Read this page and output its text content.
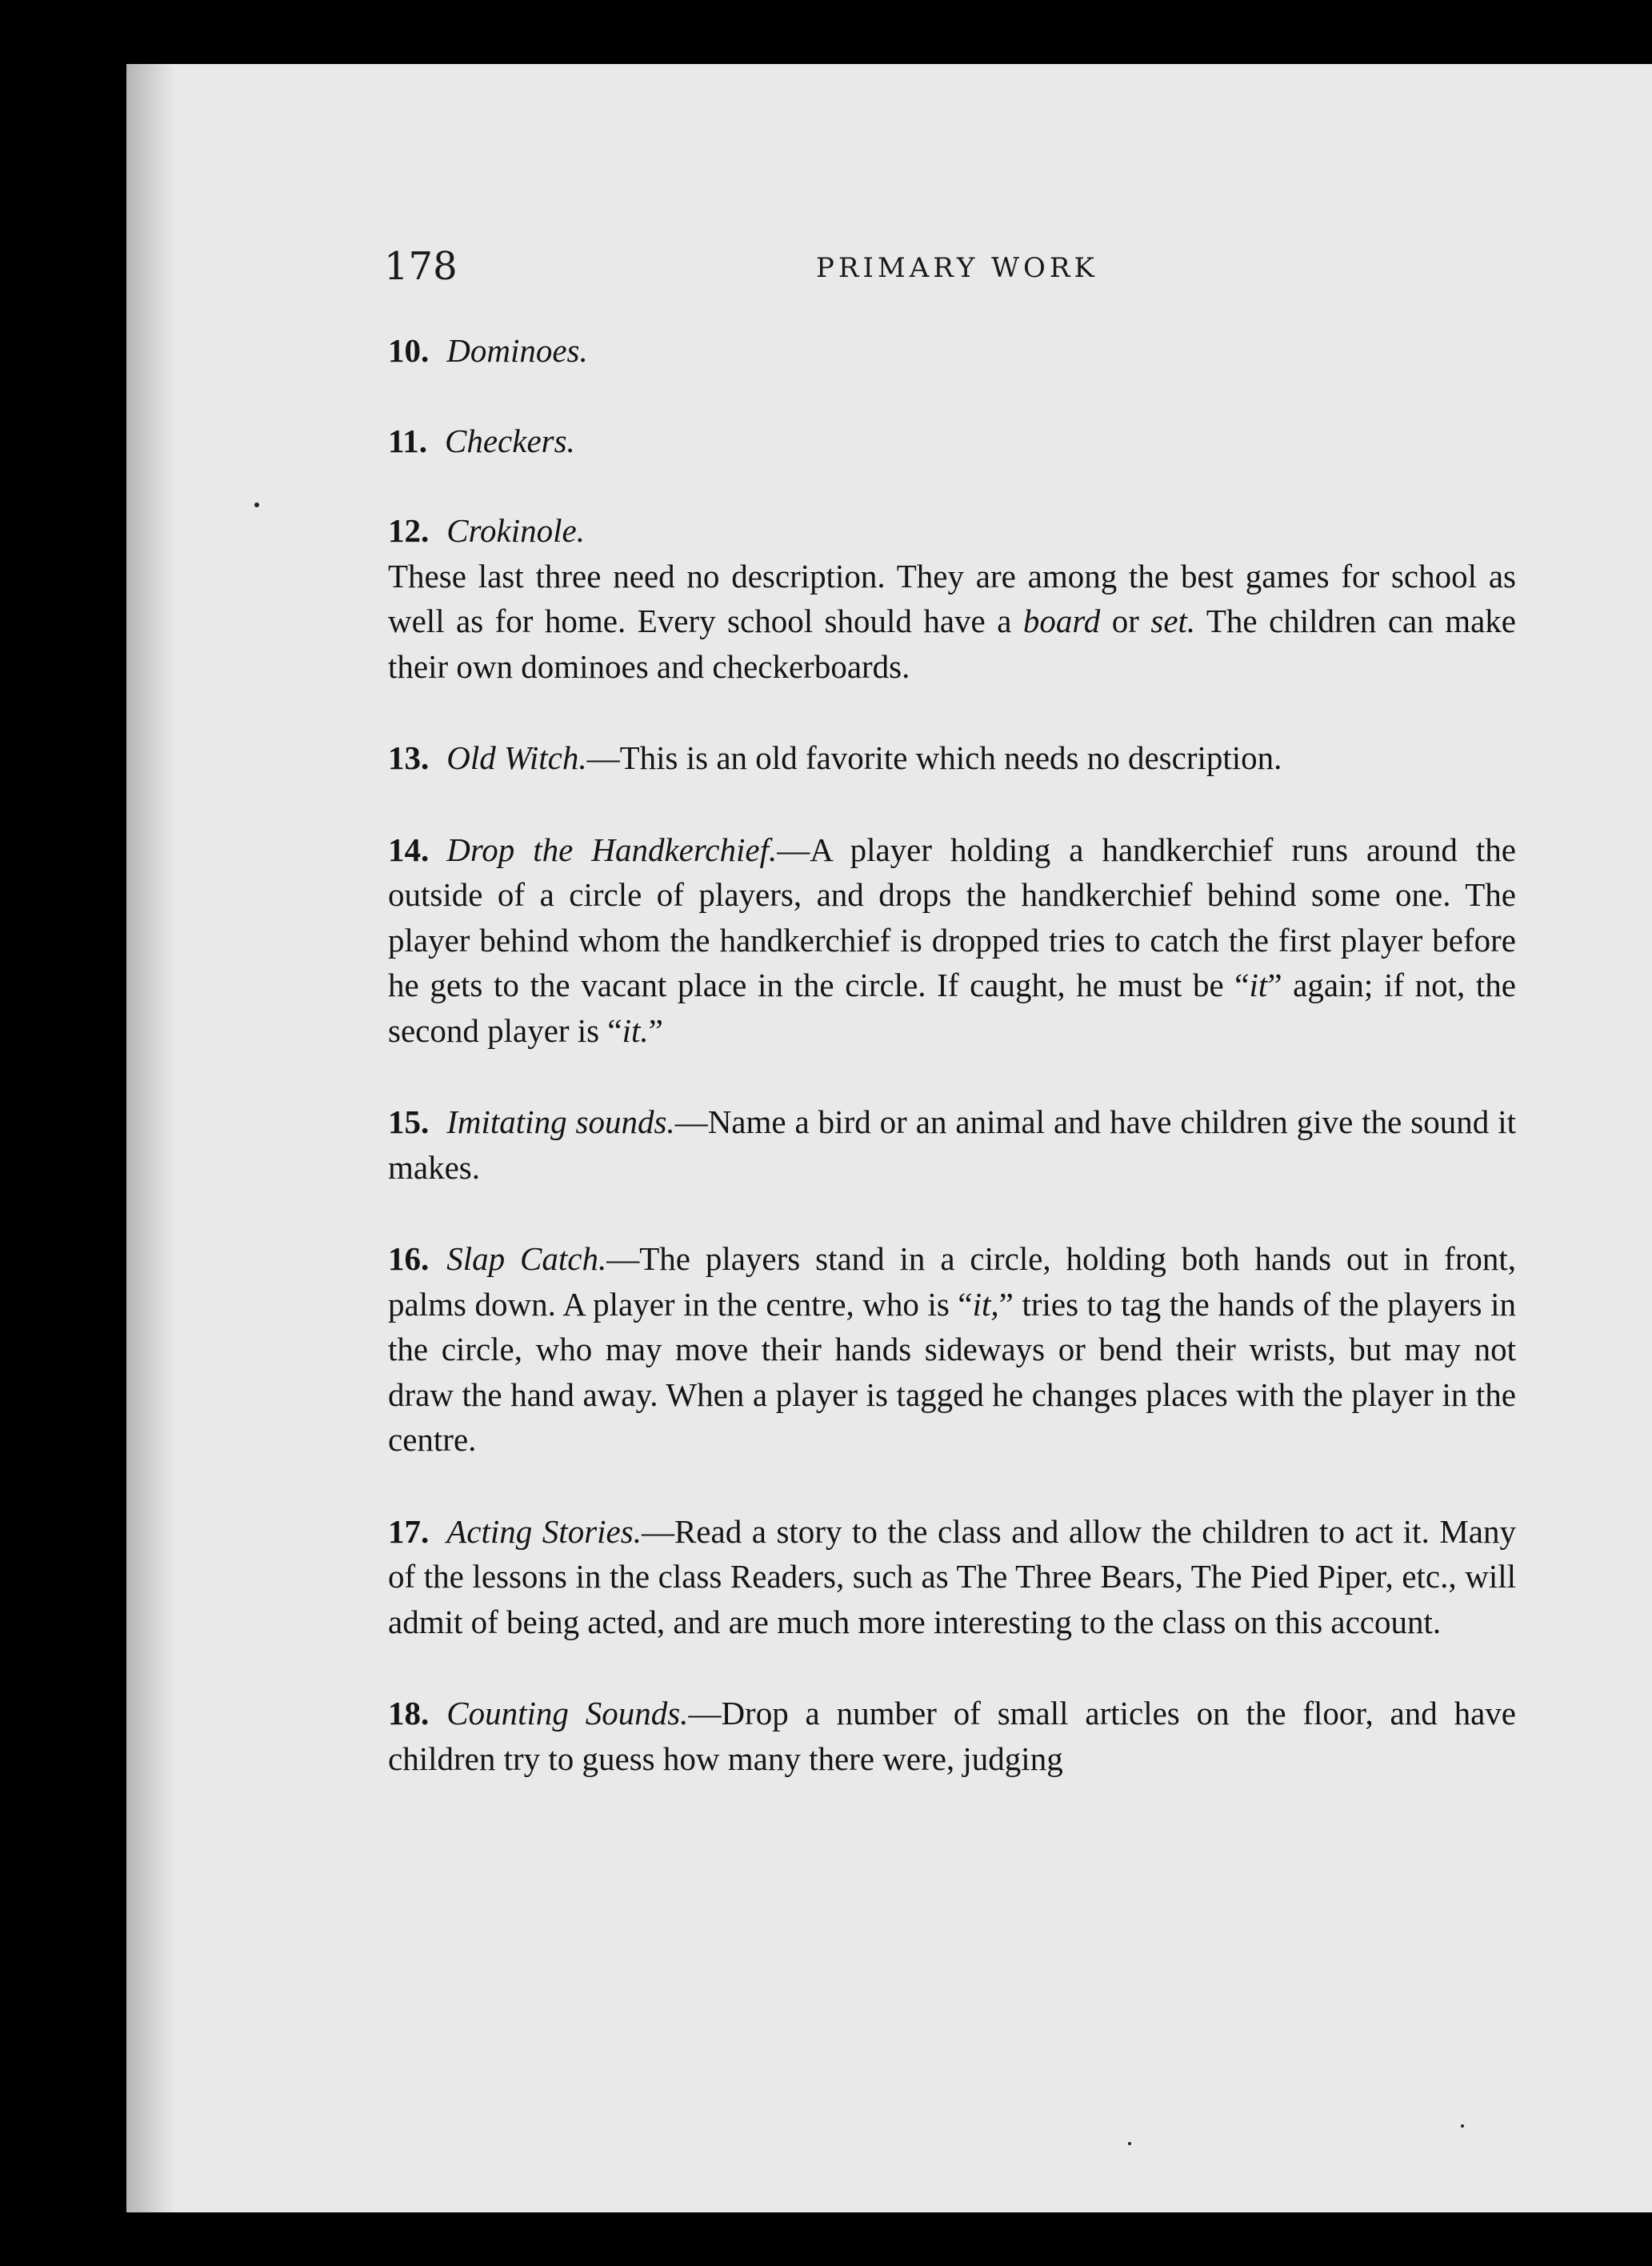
178	PRIMARY WORK

10. Dominoes.

11. Checkers.

12. Crokinole.

These last three need no description. They are among the best games for school as well as for home. Every school should have a board or set. The children can make their own dominoes and checkerboards.

13. Old Witch.—This is an old favorite which needs no description.

14. Drop the Handkerchief.—A player holding a handkerchief runs around the outside of a circle of players, and drops the handkerchief behind some one. The player behind whom the handkerchief is dropped tries to catch the first player before he gets to the vacant place in the circle. If caught, he must be “it” again; if not, the second player is “it.”

15. Imitating sounds.—Name a bird or an animal and have children give the sound it makes.

16. Slap Catch.—The players stand in a circle, holding both hands out in front, palms down. A player in the centre, who is “it,” tries to tag the hands of the players in the circle, who may move their hands sideways or bend their wrists, but may not draw the hand away. When a player is tagged he changes places with the player in the centre.

17. Acting Stories.—Read a story to the class and allow the children to act it. Many of the lessons in the class Readers, such as The Three Bears, The Pied Piper, etc., will admit of being acted, and are much more interesting to the class on this account.

18. Counting Sounds.—Drop a number of small articles on the floor, and have children try to guess how many there were, judging
